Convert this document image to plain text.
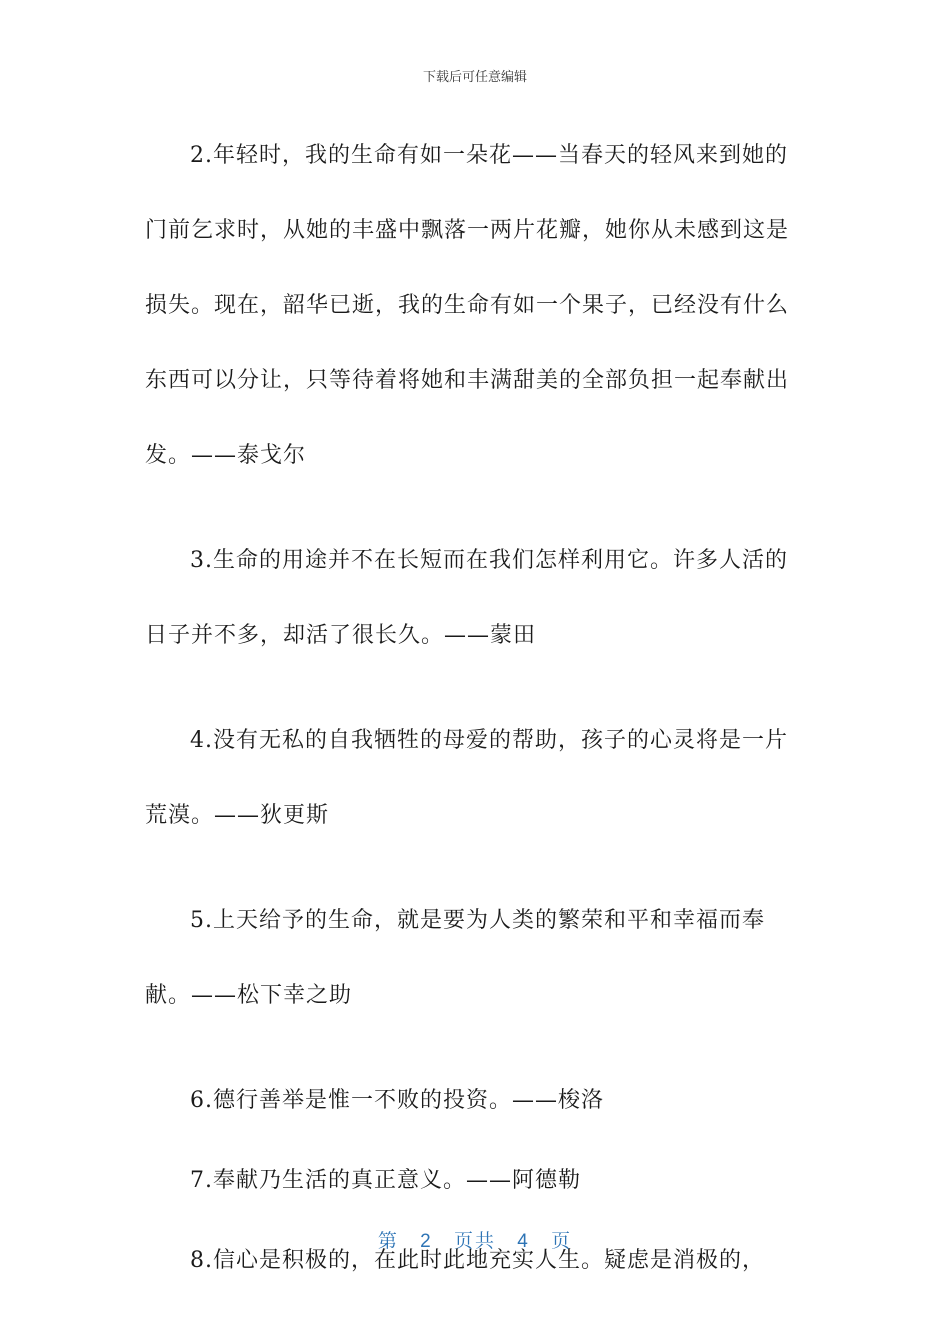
下载后可任意编辑

2.年轻时，我的生命有如一朵花——当春天的轻风来到她的门前乞求时，从她的丰盛中飘落一两片花瓣，她你从未感到这是损失。现在，韶华已逝，我的生命有如一个果子，已经没有什么东西可以分让，只等待着将她和丰满甜美的全部负担一起奉献出发。——泰戈尔

3.生命的用途并不在长短而在我们怎样利用它。许多人活的日子并不多，却活了很长久。——蒙田

4.没有无私的自我牺牲的母爱的帮助，孩子的心灵将是一片荒漠。——狄更斯

5.上天给予的生命，就是要为人类的繁荣和平和幸福而奉献。——松下幸之助

6.德行善举是惟一不败的投资。——梭洛

7.奉献乃生活的真正意义。——阿德勒

8.信心是积极的，在此时此地充实人生。疑虑是消极的，

第 2 页共 4 页
